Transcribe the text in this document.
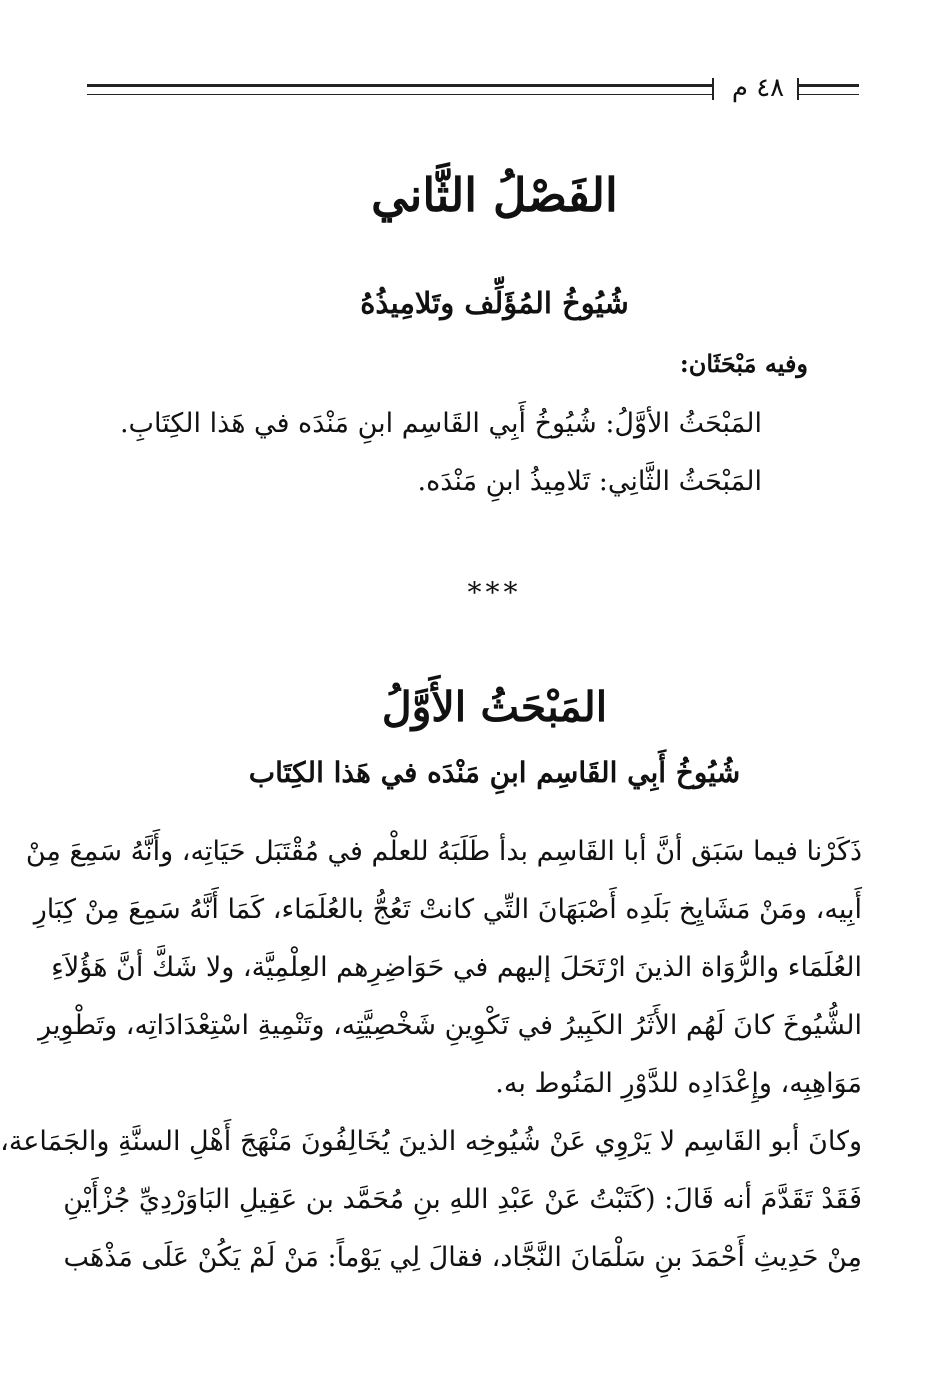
٤٨ م
الفَصْلُ الثَّاني
شُيُوخُ المُؤَلِّف وتَلامِيذُهُ
وفيه مَبْحَثَان:
المَبْحَثُ الأوَّلُ: شُيُوخُ أَبِي القَاسِم ابنِ مَنْدَه في هَذا الكِتَابِ.
المَبْحَثُ الثَّانِي: تَلامِيذُ ابنِ مَنْدَه.
***
المَبْحَثُ الأَوَّلُ
شُيُوخُ أَبِي القَاسِم ابنِ مَنْدَه في هَذا الكِتَاب
ذَكَرْنا فيما سَبَق أنَّ أبا القَاسِم بدأ طَلَبَهُ للعلْم في مُقْتَبَل حَيَاتِه، وأَنَّهُ سَمِعَ مِنْ
أَبِيه، ومَنْ مَشَايِخ بَلَدِه أَصْبَهَانَ التِّي كانتْ تَعُجُّ بالعُلَمَاء، كَمَا أَنَّهُ سَمِعَ مِنْ كِبَارِ
العُلَمَاء والرُّوَاة الذينَ ارْتَحَلَ إليهم في حَوَاضِرِهم العِلْمِيَّة، ولا شَكَّ أنَّ هَؤُلاَءِ
الشُّيُوخَ كانَ لَهُم الأَثَرُ الكَبِيرُ في تَكْوِينِ شَخْصِيَّتِه، وتَنْمِيةِ اسْتِعْدَادَاتِه، وتَطْوِيرِ
مَوَاهِبِه، وإِعْدَادِه للدَّوْرِ المَنُوط به.
وكانَ أبو القَاسِم لا يَرْوِي عَنْ شُيُوخِه الذينَ يُخَالِفُونَ مَنْهَجَ أَهْلِ السنَّةِ والجَمَاعة،
فَقَدْ تَقَدَّمَ أنه قَالَ: (كَتَبْتُ عَنْ عَبْدِ اللهِ بنِ مُحَمَّد بن عَقِيلِ البَاوَرْدِيِّ جُزْأَيْنِ
مِنْ حَدِيثِ أَحْمَدَ بنِ سَلْمَانَ النَّجَّاد، فقالَ لِي يَوْماً: مَنْ لَمْ يَكُنْ عَلَى مَذْهَب
